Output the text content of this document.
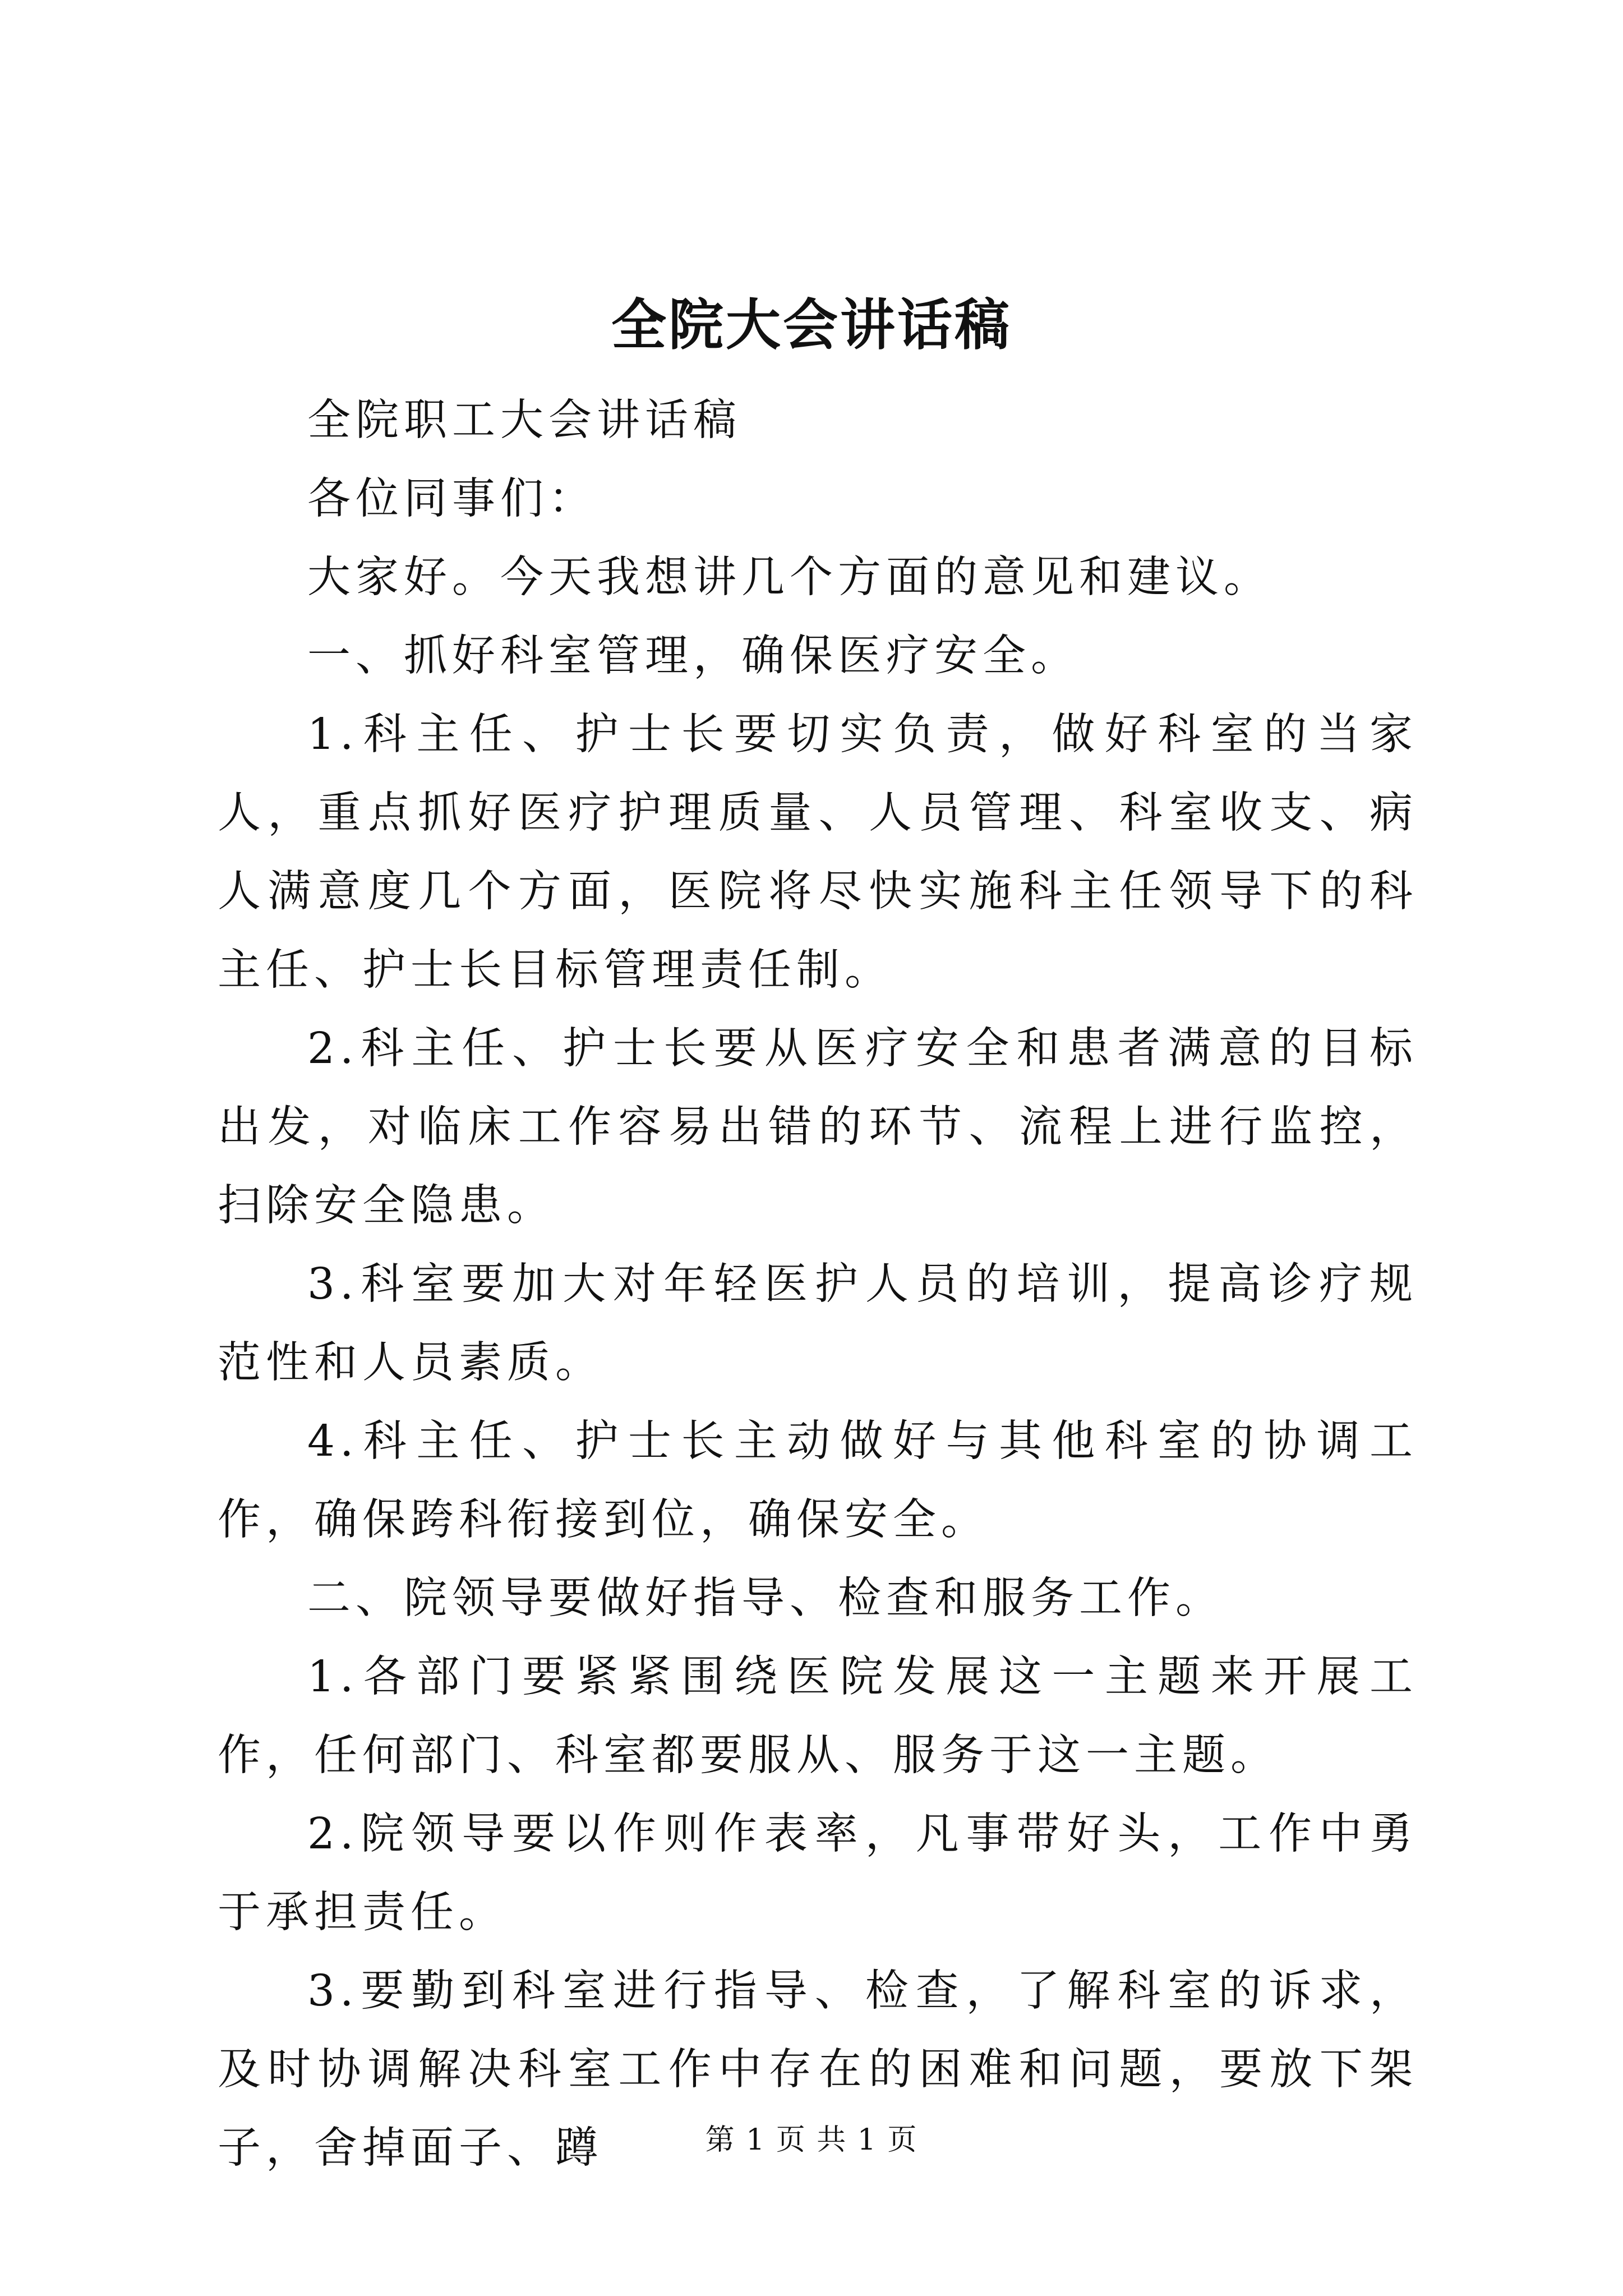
全院大会讲话稿

全院职工大会讲话稿

各位同事们：

大家好。今天我想讲几个方面的意见和建议。

一、抓好科室管理，确保医疗安全。

1.科主任、护士长要切实负责，做好科室的当家人，重点抓好医疗护理质量、人员管理、科室收支、病人满意度几个方面，医院将尽快实施科主任领导下的科主任、护士长目标管理责任制。

2.科主任、护士长要从医疗安全和患者满意的目标出发，对临床工作容易出错的环节、流程上进行监控，扫除安全隐患。

3.科室要加大对年轻医护人员的培训，提高诊疗规范性和人员素质。

4.科主任、护士长主动做好与其他科室的协调工作，确保跨科衔接到位，确保安全。

二、院领导要做好指导、检查和服务工作。

1.各部门要紧紧围绕医院发展这一主题来开展工作，任何部门、科室都要服从、服务于这一主题。

2.院领导要以作则作表率，凡事带好头，工作中勇于承担责任。

3.要勤到科室进行指导、检查，了解科室的诉求，及时协调解决科室工作中存在的困难和问题，要放下架子，舍掉面子、蹲	第 1 页 共 1 页
